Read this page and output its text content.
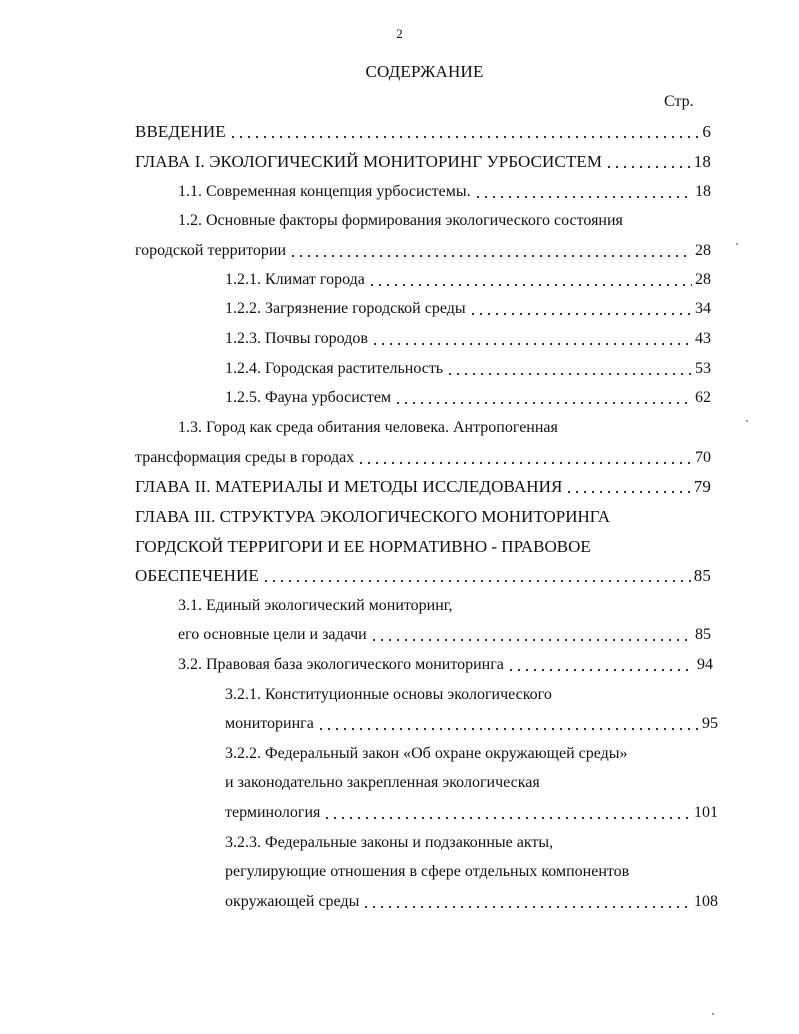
2
СОДЕРЖАНИЕ
Стр.
ВВЕДЕНИЕ	6
ГЛАВА I. ЭКОЛОГИЧЕСКИЙ МОНИТОРИНГ УРБОСИСТЕМ	18
1.1. Современная концепция урбосистемы.	18
1.2. Основные факторы формирования экологического состояния
городской территории	28
1.2.1. Климат города	28
1.2.2. Загрязнение городской среды	34
1.2.3. Почвы городов	43
1.2.4. Городская растительность	53
1.2.5. Фауна урбосистем	62
1.3. Город как среда обитания человека. Антропогенная
трансформация среды в городах	70
ГЛАВА II. МАТЕРИАЛЫ И МЕТОДЫ ИССЛЕДОВАНИЯ	79
ГЛАВА III. СТРУКТУРА ЭКОЛОГИЧЕСКОГО МОНИТОРИНГА
ГОРДСКОЙ ТЕРРИГОРИ И ЕЕ НОРМАТИВНО - ПРАВОВОЕ
ОБЕСПЕЧЕНИЕ	85
3.1. Единый экологический мониторинг,
его основные цели и задачи	85
3.2. Правовая база экологического мониторинга	94
3.2.1. Конституционные основы экологического
мониторинга	95
3.2.2. Федеральный закон «Об охране окружающей среды»
и законодательно закрепленная экологическая
терминология	101
3.2.3. Федеральные законы и подзаконные акты,
регулирующие отношения в сфере отдельных компонентов
окружающей среды	108
